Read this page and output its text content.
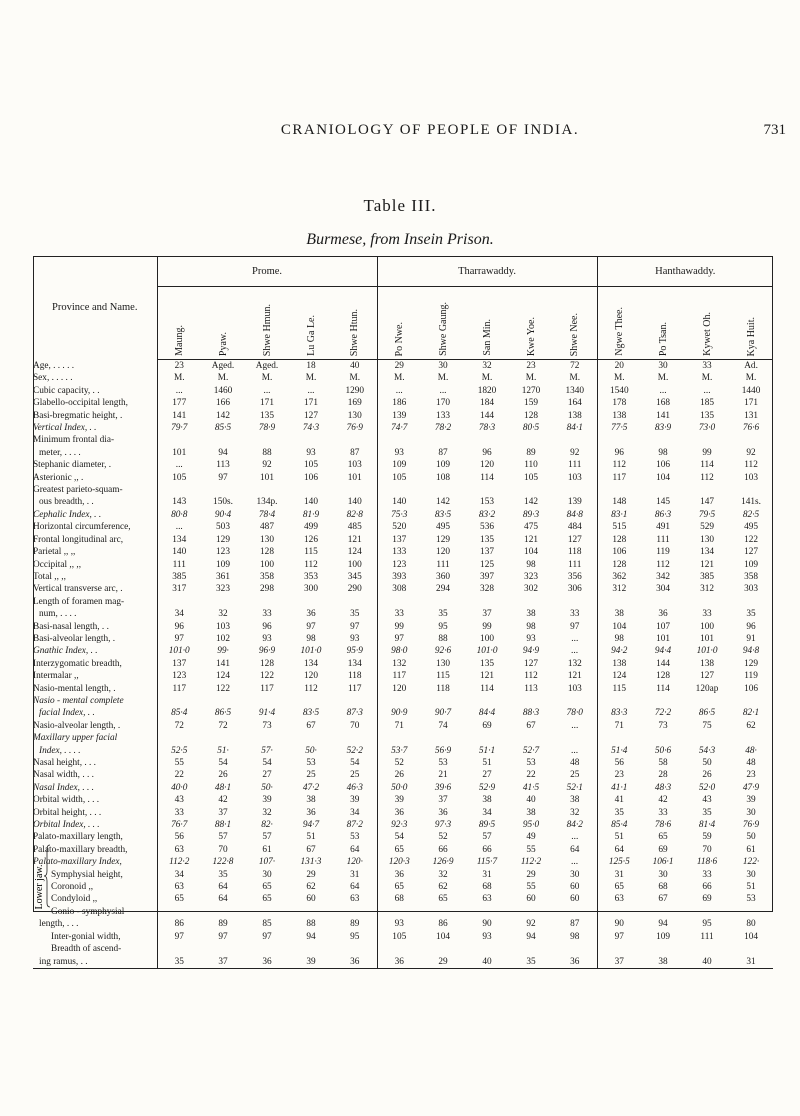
CRANIOLOGY OF PEOPLE OF INDIA.	731
Table III.
Burmese, from Insein Prison.
Province and Name.	Prome.					Tharrawaddy.					Hanthawaddy.			
	Maung.	Pyaw.	Shwe Hmun.	Lu Ga Le.	Shwe Htun.	Po Nwe.	Shwe Gaung.	San Min.	Kwe Yoe.	Shwe Nee.	Ngwe Thee.	Po Tsan.	Kywet Oh.	Kya Huit.
Age, . . . . .	23	Aged.	Aged.	18	40	29	30	32	23	72	20	30	33	Ad.
Sex, . . . . .	M.	M.	M.	M.	M.	M.	M.	M.	M.	M.	M.	M.	M.	M.
Cubic capacity, . .	...	1460	...	...	1290	...	...	1820	1270	1340	1540	...	...	1440
Glabello-occipital length,	177	166	171	171	169	186	170	184	159	164	178	168	185	171
Basi-bregmatic height, .	141	142	135	127	130	139	133	144	128	138	138	141	135	131
Vertical Index, . .	79·7	85·5	78·9	74·3	76·9	74·7	78·2	78·3	80·5	84·1	77·5	83·9	73·0	76·6
Minimum frontal dia-														
meter, . . . .	101	94	88	93	87	93	87	96	89	92	96	98	99	92
Stephanic diameter, .	...	113	92	105	103	109	109	120	110	111	112	106	114	112
Asterionic ,, .	105	97	101	106	101	105	108	114	105	103	117	104	112	103
Greatest parieto-squam-														
ous breadth, . .	143	150s.	134p.	140	140	140	142	153	142	139	148	145	147	141s.
Cephalic Index, . .	80·8	90·4	78·4	81·9	82·8	75·3	83·5	83·2	89·3	84·8	83·1	86·3	79·5	82·5
Horizontal circumference,	...	503	487	499	485	520	495	536	475	484	515	491	529	495
Frontal longitudinal arc,	134	129	130	126	121	137	129	135	121	127	128	111	130	122
Parietal ,, ,,	140	123	128	115	124	133	120	137	104	118	106	119	134	127
Occipital ,, ,,	111	109	100	112	100	123	111	125	98	111	128	112	121	109
Total ,, ,,	385	361	358	353	345	393	360	397	323	356	362	342	385	358
Vertical transverse arc, .	317	323	298	300	290	308	294	328	302	306	312	304	312	303
Length of foramen mag-														
num, . . . .	34	32	33	36	35	33	35	37	38	33	38	36	33	35
Basi-nasal length, . .	96	103	96	97	97	99	95	99	98	97	104	107	100	96
Basi-alveolar length, .	97	102	93	98	93	97	88	100	93	...	98	101	101	91
Gnathic Index, . .	101·0	99·	96·9	101·0	95·9	98·0	92·6	101·0	94·9	...	94·2	94·4	101·0	94·8
Interzygomatic breadth,	137	141	128	134	134	132	130	135	127	132	138	144	138	129
Intermalar ,,	123	124	122	120	118	117	115	121	112	121	124	128	127	119
Nasio-mental length, .	117	122	117	112	117	120	118	114	113	103	115	114	120ap	106
Nasio - mental complete														
facial Index, . .	85·4	86·5	91·4	83·5	87·3	90·9	90·7	84·4	88·3	78·0	83·3	72·2	86·5	82·1
Nasio-alveolar length, .	72	72	73	67	70	71	74	69	67	...	71	73	75	62
Maxillary upper facial														
Index, . . . .	52·5	51·	57·	50·	52·2	53·7	56·9	51·1	52·7	...	51·4	50·6	54·3	48·
Nasal height, . . .	55	54	54	53	54	52	53	51	53	48	56	58	50	48
Nasal width, . . .	22	26	27	25	25	26	21	27	22	25	23	28	26	23
Nasal Index, . . .	40·0	48·1	50·	47·2	46·3	50·0	39·6	52·9	41·5	52·1	41·1	48·3	52·0	47·9
Orbital width, . . .	43	42	39	38	39	39	37	38	40	38	41	42	43	39
Orbital height, . . .	33	37	32	36	34	36	36	34	38	32	35	33	35	30
Orbital Index, . . .	76·7	88·1	82·	94·7	87·2	92·3	97·3	89·5	95·0	84·2	85·4	78·6	81·4	76·9
Palato-maxillary length,	56	57	57	51	53	54	52	57	49	...	51	65	59	50
Palato-maxillary breadth,	63	70	61	67	64	65	66	66	55	64	64	69	70	61
Palato-maxillary Index,	112·2	122·8	107·	131·3	120·	120·3	126·9	115·7	112·2	...	125·5	106·1	118·6	122·
Symphysial height,	34	35	30	29	31	36	32	31	29	30	31	30	33	30
Coronoid ,,	63	64	65	62	64	65	62	68	55	60	65	68	66	51
Condyloid ,,	65	64	65	60	63	68	65	63	60	60	63	67	69	53
Gonio - symphysial														
length, . . .	86	89	85	88	89	93	86	90	92	87	90	94	95	80
Inter-gonial width,	97	97	97	94	95	105	104	93	94	98	97	109	111	104
Breadth of ascend-														
ing ramus, . .	35	37	36	39	36	36	29	40	35	36	37	38	40	31
Lower jaw.
